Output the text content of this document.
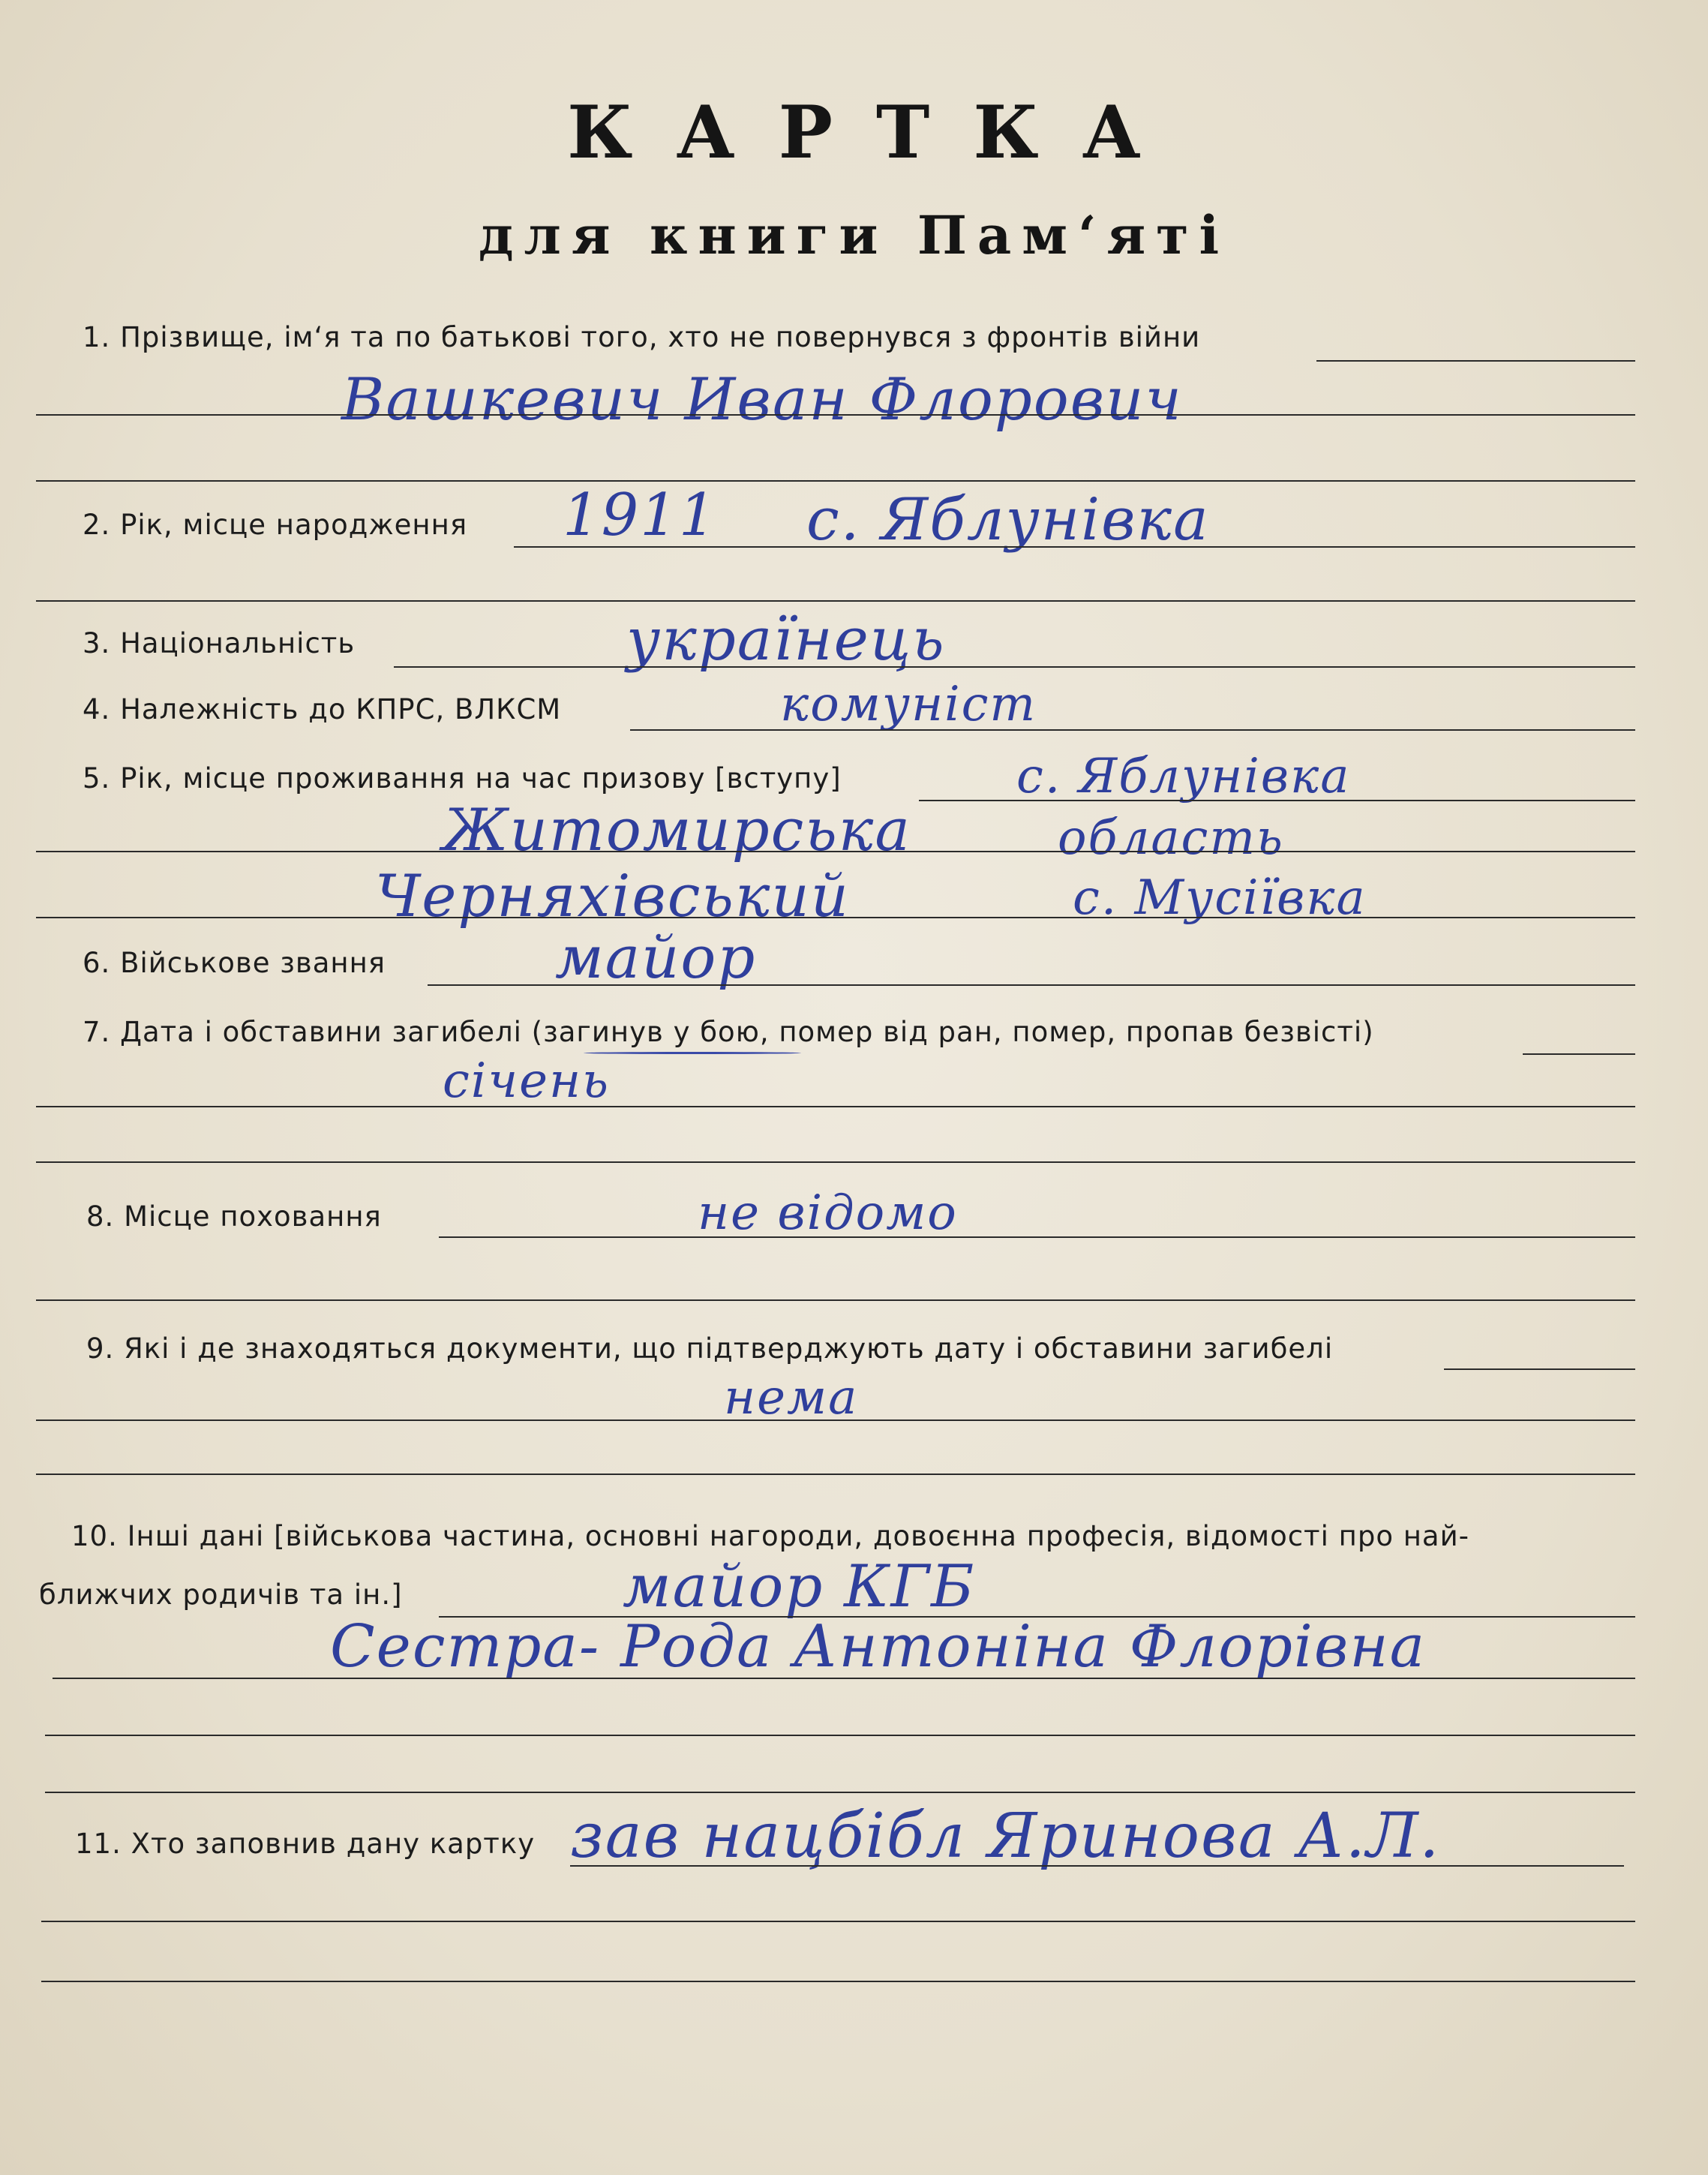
КАРТКА
для книги Пам‘яті
1. Прізвище, ім‘я та по батькові того, хто не повернувся з фронтів війни
Вашкевич Иван Флорович
2. Рік, місце народження 1911 с. Яблунівка
3. Національність	українець
4. Належність до КПРС, ВЛКСМ	комуніст
5. Рік, місце проживання на час призову [вступу]	с. Яблунівка
Житомирська	область
Черняхівський	с. Мусіївка
6. Військове звання	майор
7. Дата і обставини загибелі (загинув у бою, помер від ран, помер, пропав безвісті)
січень
8. Місце поховання	не відомо
9. Які і де знаходяться документи, що підтверджують дату і обставини загибелі
нема
10. Інші дані [військова частина, основні нагороди, довоєнна професія, відомості про най-
ближчих родичів та ін.]	майор КГБ
Сестра- Рода Антоніна Флорівна
11. Хто заповнив дану картку зав нацбібл Яринова А.Л.
